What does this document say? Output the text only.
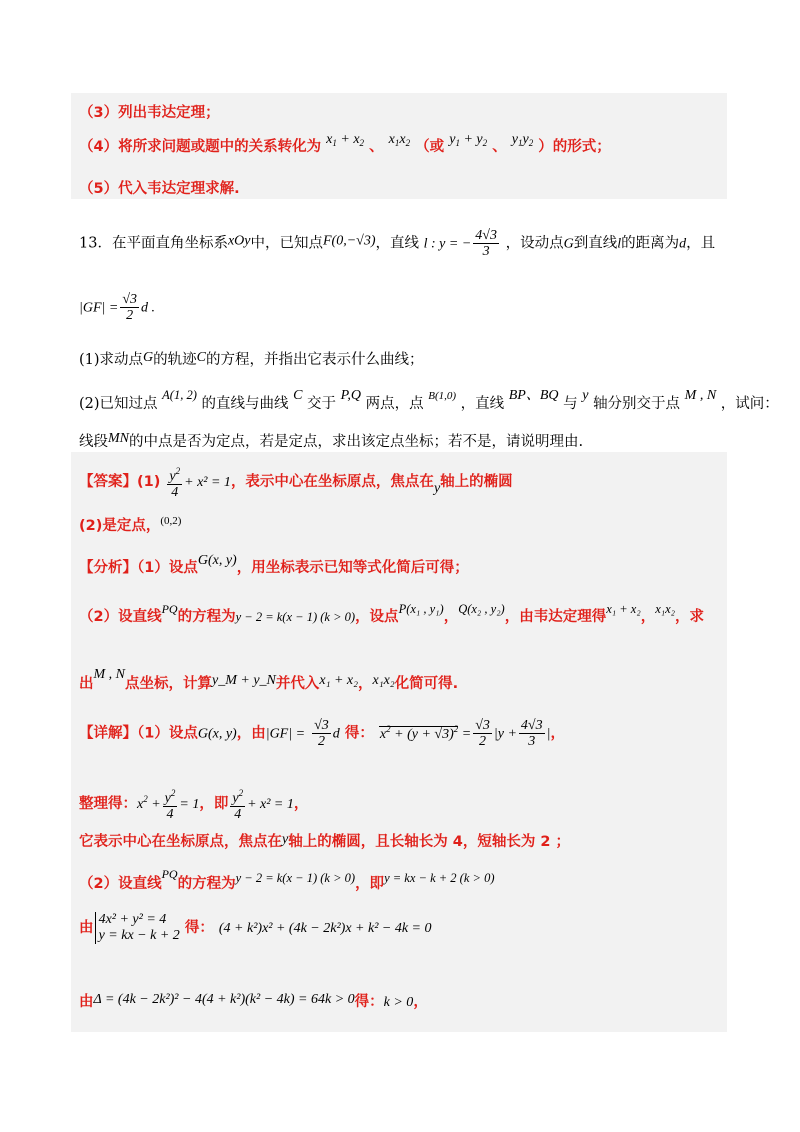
（3）列出韦达定理；
（4）将所求问题或题中的关系转化为 $x_1 + x_2$ 、 $x_1x_2$ （或 $y_1 + y_2$ 、 $y_1y_2$ ）的形式；
（5）代入韦达定理求解.
13．在平面直角坐标系xOy中，已知点F(0,−√3)，直线 l : y = − $\frac{4√3}{3}$ ，设动点G到直线l的距离为d，且
$|GF| = \frac{√3}{2}$ d .
(1)求动点G的轨迹C的方程，并指出它表示什么曲线；
(2)已知过点 A(1, 2) 的直线与曲线 C 交于 P,Q 两点，点 $^{B(1,0)}$ ，直线 BP、BQ 与 y 轴分别交于点 M , N ，试问：
线段MN的中点是否为定点，若是定点，求出该定点坐标；若不是，请说明理由.
【答案】$(1) \frac{y^2}{4} + x^2 = 1$，表示中心在坐标原点，焦点在y轴上的椭圆
(2)是定点，$^{(0,2)}$
【分析】（1）设点G(x, y)，用坐标表示已知等式化简后可得；
（2）设直线$^{PQ}$的方程为y − 2 = k(x − 1) (k > 0)，设点P(x₁ , y₁)，Q(x₂ , y₂)，由韦达定理得x₁ + x₂，x₁x₂，求
出M , N点坐标，计算y_M + y_N并代入x₁ + x₂，x₁x₂化简可得.
【详解】（1）设点G(x, y)，由$|GF| = \frac{√3}{2}$ d 得： $x^2 + (y + √3)^2 = \frac{√3}{2} |y + \frac{4√3}{3}$ |，
整理得：$x^2 + \frac{y^2}{4} = 1$，即 $\frac{y^2}{4} + x^2 = 1$，
它表示中心在坐标原点，焦点在y轴上的椭圆，且长轴长为 4，短轴长为 2 ；
（2）设直线$^{PQ}$的方程为y − 2 = k(x − 1) (k > 0)，即y = kx − k + 2 (k > 0)
由
4x² + y² = 4
y = kx − k + 2 得： (4 + k²)x² + (4k − 2k²)x + k² − 4k = 0
由Δ = (4k − 2k²)² − 4(4 + k²)(k² − 4k) = 64k > 0得：k > 0，
